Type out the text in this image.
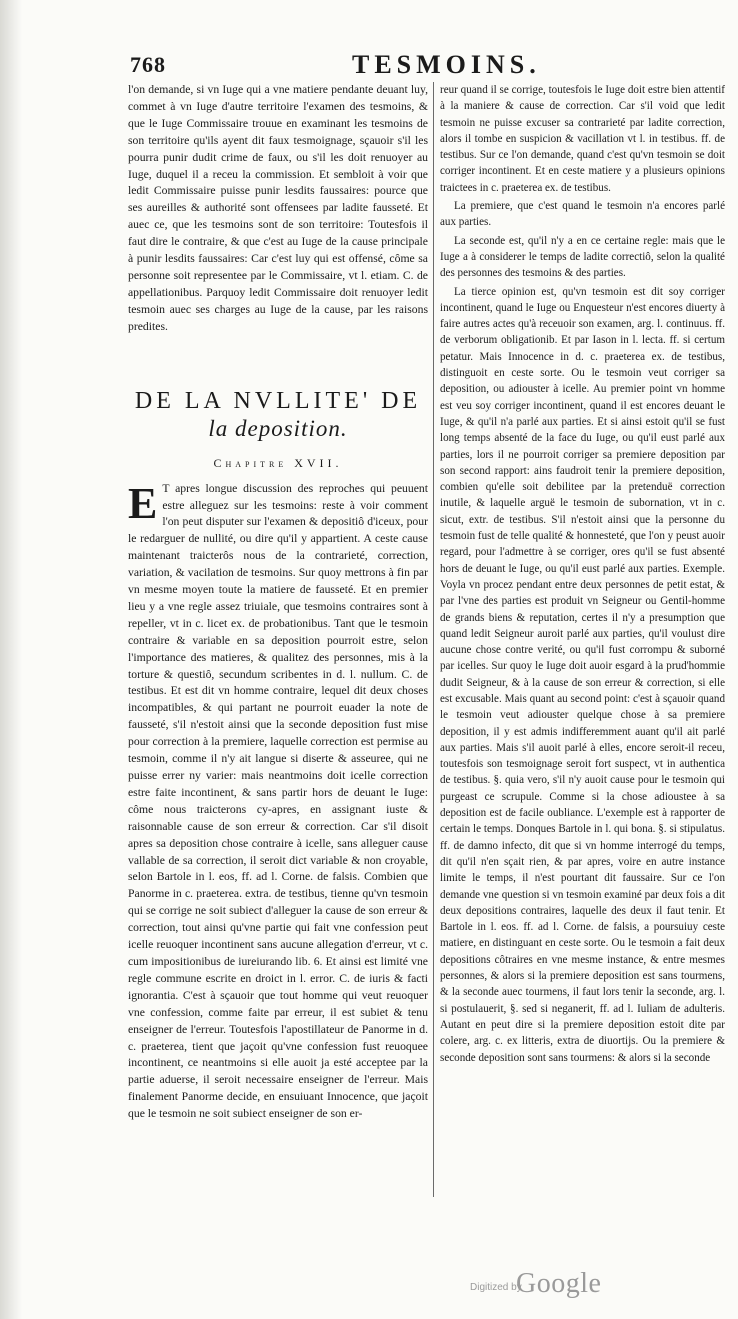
768	TESMOINS.

l'on demande, si vn Iuge qui a vne matiere pendante deuant luy, commet à vn Iuge d'autre territoire l'examen des tesmoins, & que le Iuge Commissaire trouue en examinant les tesmoins de son territoire qu'ils ayent dit faux tesmoignage, sçauoir s'il les pourra punir dudit crime de faux, ou s'il les doit renuoyer au Iuge, duquel il a receu la commission. Et sembloit à voir que ledit Commissaire puisse punir lesdits faussaires: pource que ses aureilles & authorité sont offensees par ladite fausseté. Et auec ce, que les tesmoins sont de son territoire: Toutesfois il faut dire le contraire, & que c'est au Iuge de la cause principale à punir lesdits faussaires: Car c'est luy qui est offensé, côme sa personne soit representee par le Commissaire, vt l. etiam. C. de appellationibus. Parquoy ledit Commissaire doit renuoyer ledit tesmoin auec ses charges au Iuge de la cause, par les raisons predites.

DE LA NVLLITE' DE
la deposition.
Chapitre XVII.

E T apres longue discussion des reproches qui peuuent estre alleguez sur les tesmoins: reste à voir comment l'on peut disputer sur l'examen & depositiô d'iceux, pour le redarguer de nullité, ou dire qu'il y appartient. A ceste cause maintenant traicterôs nous de la contrarieté, correction, variation, & vacilation de tesmoins. Sur quoy mettrons à fin par vn mesme moyen toute la matiere de fausseté. Et en premier lieu y a vne regle assez triuiale, que tesmoins contraires sont à repeller, vt in c. licet ex. de probationibus. Tant que le tesmoin contraire & variable en sa deposition pourroit estre, selon l'importance des matieres, & qualitez des personnes, mis à la torture & questiô, secundum scribentes in d. l. nullum. C. de testibus. Et est dit vn homme contraire, lequel dit deux choses incompatibles, & qui partant ne pourroit euader la note de fausseté, s'il n'estoit ainsi que la seconde deposition fust mise pour correction à la premiere, laquelle correction est permise au tesmoin, comme il n'y ait langue si diserte & asseuree, qui ne puisse errer ny varier: mais neantmoins doit icelle correction estre faite incontinent, & sans partir hors de deuant le Iuge: côme nous traicterons cy-apres, en assignant iuste & raisonnable cause de son erreur & correction. Car s'il disoit apres sa deposition chose contraire à icelle, sans alleguer cause vallable de sa correction, il seroit dict variable & non croyable, selon Bartole in l. eos, ff. ad l. Corne. de falsis. Combien que Panorme in c. praeterea. extra. de testibus, tienne qu'vn tesmoin qui se corrige ne soit subiect d'alleguer la cause de son erreur & correction, tout ainsi qu'vne partie qui fait vne confession peut icelle reuoquer incontinent sans aucune allegation d'erreur, vt c. cum impositionibus de iureiurando lib. 6. Et ainsi est limité vne regle commune escrite en droict in l. error. C. de iuris & facti ignorantia. C'est à sçauoir que tout homme qui veut reuoquer vne confession, comme faite par erreur, il est subiet & tenu enseigner de l'erreur. Toutesfois l'apostillateur de Panorme in d. c. praeterea, tient que jaçoit qu'vne confession fust reuoquee incontinent, ce neantmoins si elle auoit ja esté acceptee par la partie aduerse, il seroit necessaire enseigner de l'erreur. Mais finalement Panorme decide, en ensuiuant Innocence, que jaçoit que le tesmoin ne soit subiect enseigner de son er-

reur quand il se corrige, toutesfois le Iuge doit estre bien attentif à la maniere & cause de correction. Car s'il void que ledit tesmoin ne puisse excuser sa contrarieté par ladite correction, alors il tombe en suspicion & vacillation vt l. in testibus. ff. de testibus. Sur ce l'on demande, quand c'est qu'vn tesmoin se doit corriger incontinent. Et en ceste matiere y a plusieurs opinions traictees in c. praeterea ex. de testibus.

La premiere, que c'est quand le tesmoin n'a encores parlé aux parties.

La seconde est, qu'il n'y a en ce certaine regle: mais que le Iuge a à considerer le temps de ladite correctiô, selon la qualité des personnes des tesmoins & des parties.

La tierce opinion est, qu'vn tesmoin est dit soy corriger incontinent, quand le Iuge ou Enquesteur n'est encores diuerty à faire autres actes qu'à receuoir son examen, arg. l. continuus. ff. de verborum obligationib. Et par Iason in l. lecta. ff. si certum petatur. Mais Innocence in d. c. praeterea ex. de testibus, distinguoit en ceste sorte. Ou le tesmoin veut corriger sa deposition, ou adiouster à icelle. Au premier point vn homme est veu soy corriger incontinent, quand il est encores deuant le Iuge, & qu'il n'a parlé aux parties. Et si ainsi estoit qu'il se fust long temps absenté de la face du Iuge, ou qu'il eust parlé aux parties, lors il ne pourroit corriger sa premiere deposition par son second rapport: ains faudroit tenir la premiere deposition, combien qu'elle soit debilitee par la pretenduë correction inutile, & laquelle arguë le tesmoin de subornation, vt in c. sicut, extr. de testibus. S'il n'estoit ainsi que la personne du tesmoin fust de telle qualité & honnesteté, que l'on y peust auoir regard, pour l'admettre à se corriger, ores qu'il se fust absenté hors de deuant le Iuge, ou qu'il eust parlé aux parties. Exemple. Voyla vn procez pendant entre deux personnes de petit estat, & par l'vne des parties est produit vn Seigneur ou Gentil-homme de grands biens & reputation, certes il n'y a presumption que quand ledit Seigneur auroit parlé aux parties, qu'il voulust dire aucune chose contre verité, ou qu'il fust corrompu & suborné par icelles. Sur quoy le Iuge doit auoir esgard à la prud'hommie dudit Seigneur, & à la cause de son erreur & correction, si elle est excusable. Mais quant au second point: c'est à sçauoir quand le tesmoin veut adiouster quelque chose à sa premiere deposition, il y est admis indifferemment auant qu'il ait parlé aux parties. Mais s'il auoit parlé à elles, encore seroit-il receu, toutesfois son tesmoignage seroit fort suspect, vt in authentica de testibus. §. quia vero, s'il n'y auoit cause pour le tesmoin qui purgeast ce scrupule. Comme si la chose adioustee à sa deposition est de facile oubliance. L'exemple est à rapporter de certain le temps. Donques Bartole in l. qui bona. §. si stipulatus. ff. de damno infecto, dit que si vn homme interrogé du temps, dit qu'il n'en sçait rien, & par apres, voire en autre instance limite le temps, il n'est pourtant dit faussaire. Sur ce l'on demande vne question si vn tesmoin examiné par deux fois a dit deux depositions contraires, laquelle des deux il faut tenir. Et Bartole in l. eos. ff. ad l. Corne. de falsis, a poursuiuy ceste matiere, en distinguant en ceste sorte. Ou le tesmoin a fait deux depositions côtraires en vne mesme instance, & entre mesmes personnes, & alors si la premiere deposition est sans tourmens, & la seconde auec tourmens, il faut lors tenir la seconde, arg. l. si postulauerit, §. sed si neganerit, ff. ad l. Iuliam de adulteris. Autant en peut dire si la premiere deposition estoit dite par colere, arg. c. ex litteris, extra de diuortijs. Ou la premiere & seconde deposition sont sans tourmens: & alors si la seconde

Digitized by
Google
